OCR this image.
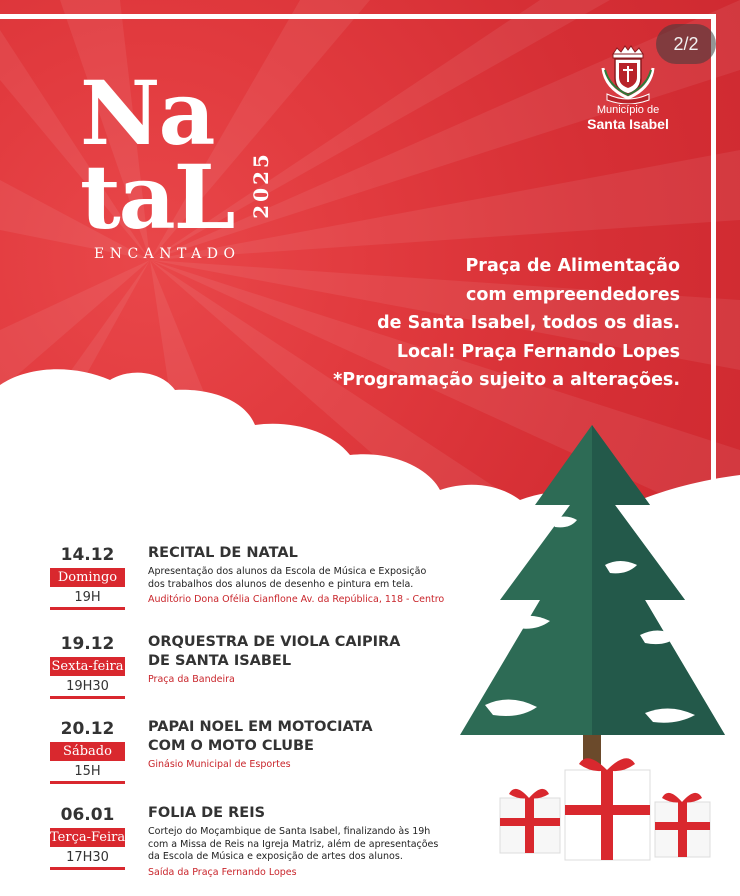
2/2
Município de
Santa Isabel
Na
taL 2025
ENCANTADO
Praça de Alimentação
com empreendedores
de Santa Isabel, todos os dias.
Local: Praça Fernando Lopes
*Programação sujeito a alterações.
14.12
Domingo
19H
RECITAL DE NATAL
Apresentação dos alunos da Escola de Música e Exposição
dos trabalhos dos alunos de desenho e pintura em tela.
Auditório Dona Ofélia Cianflone Av. da República, 118 - Centro
19.12
Sexta-feira
19H30
ORQUESTRA DE VIOLA CAIPIRA
DE SANTA ISABEL
Praça da Bandeira
20.12
Sábado
15H
PAPAI NOEL EM MOTOCIATA
COM O MOTO CLUBE
Ginásio Municipal de Esportes
06.01
Terça-Feira
17H30
FOLIA DE REIS
Cortejo do Moçambique de Santa Isabel, finalizando às 19h
com a Missa de Reis na Igreja Matriz, além de apresentações
da Escola de Música e exposição de artes dos alunos.
Saída da Praça Fernando Lopes
